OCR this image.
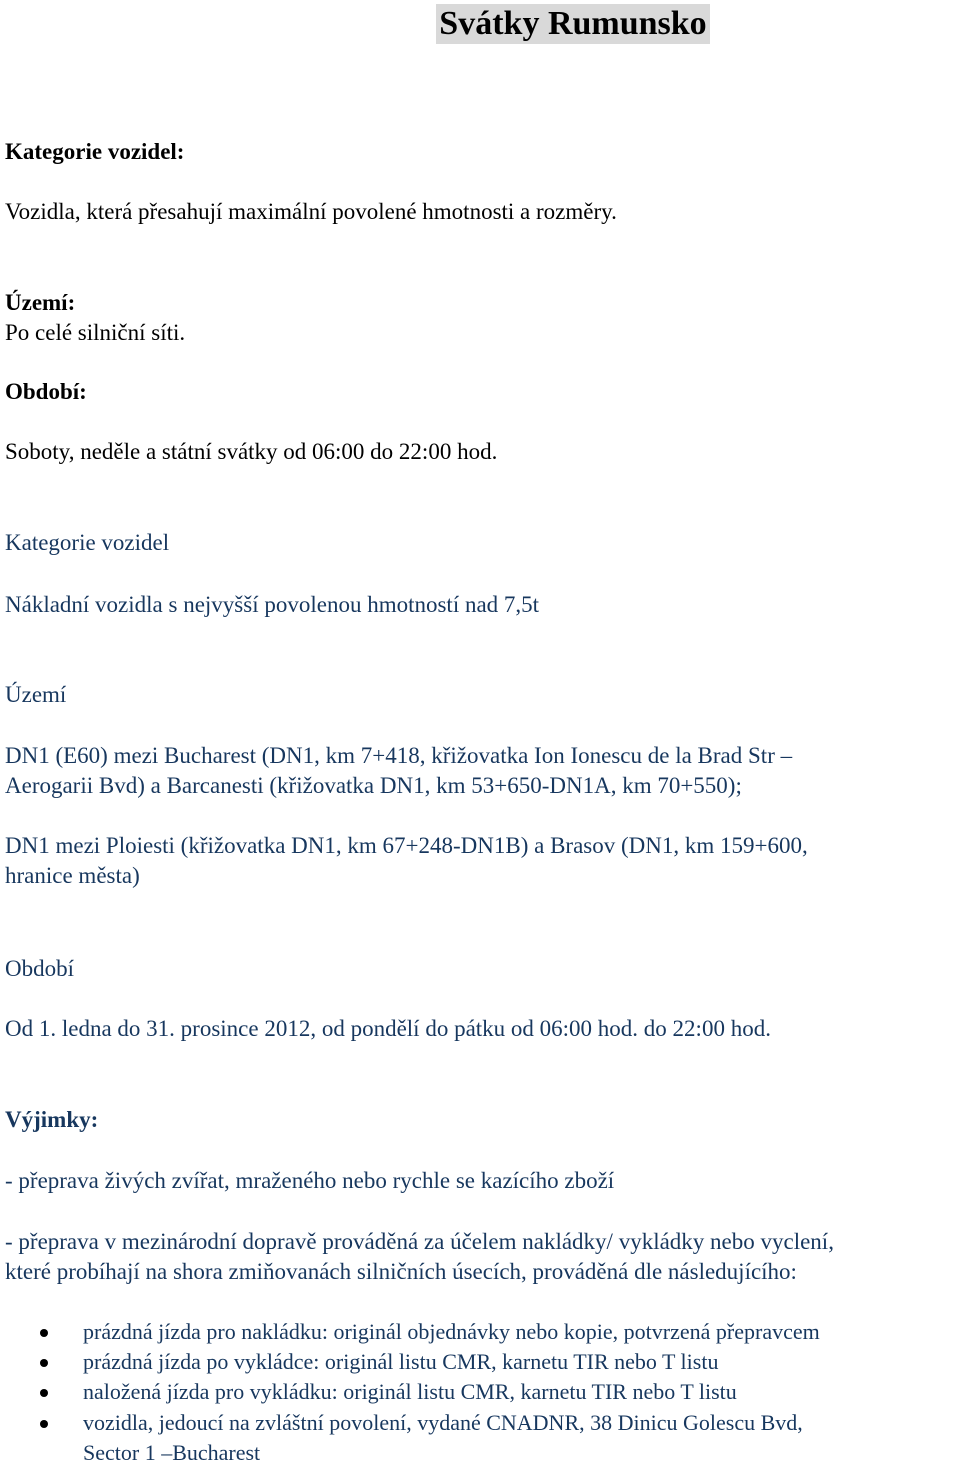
Svátky Rumunsko
Kategorie vozidel:
Vozidla, která přesahují maximální povolené hmotnosti a rozměry.
Území:
Po celé silniční síti.
Období:
Soboty, neděle a státní svátky od 06:00 do 22:00 hod.
Kategorie vozidel
Nákladní vozidla s nejvyšší povolenou hmotností nad 7,5t
Území
DN1 (E60) mezi Bucharest (DN1, km 7+418, křižovatka Ion Ionescu de la Brad Str –
Aerogarii Bvd) a Barcanesti (křižovatka DN1, km 53+650-DN1A, km 70+550);
DN1 mezi Ploiesti (křižovatka DN1, km 67+248-DN1B) a Brasov (DN1, km 159+600,
hranice města)
Období
Od 1. ledna do 31. prosince 2012, od pondělí do pátku od 06:00 hod. do 22:00 hod.
Výjimky:
- přeprava živých zvířat, mraženého nebo rychle se kazícího zboží
- přeprava v mezinárodní dopravě prováděná za účelem nakládky/ vykládky nebo vyclení,
které probíhají na shora zmiňovanách silničních úsecích, prováděná dle následujícího:
prázdná jízda pro nakládku: originál objednávky nebo kopie, potvrzená přepravcem
prázdná jízda po vykládce: originál listu CMR, karnetu TIR nebo T listu
naložená jízda pro vykládku: originál listu CMR, karnetu TIR nebo T listu
vozidla, jedoucí na zvláštní povolení, vydané CNADNR, 38 Dinicu Golescu Bvd,
Sector 1 –Bucharest
